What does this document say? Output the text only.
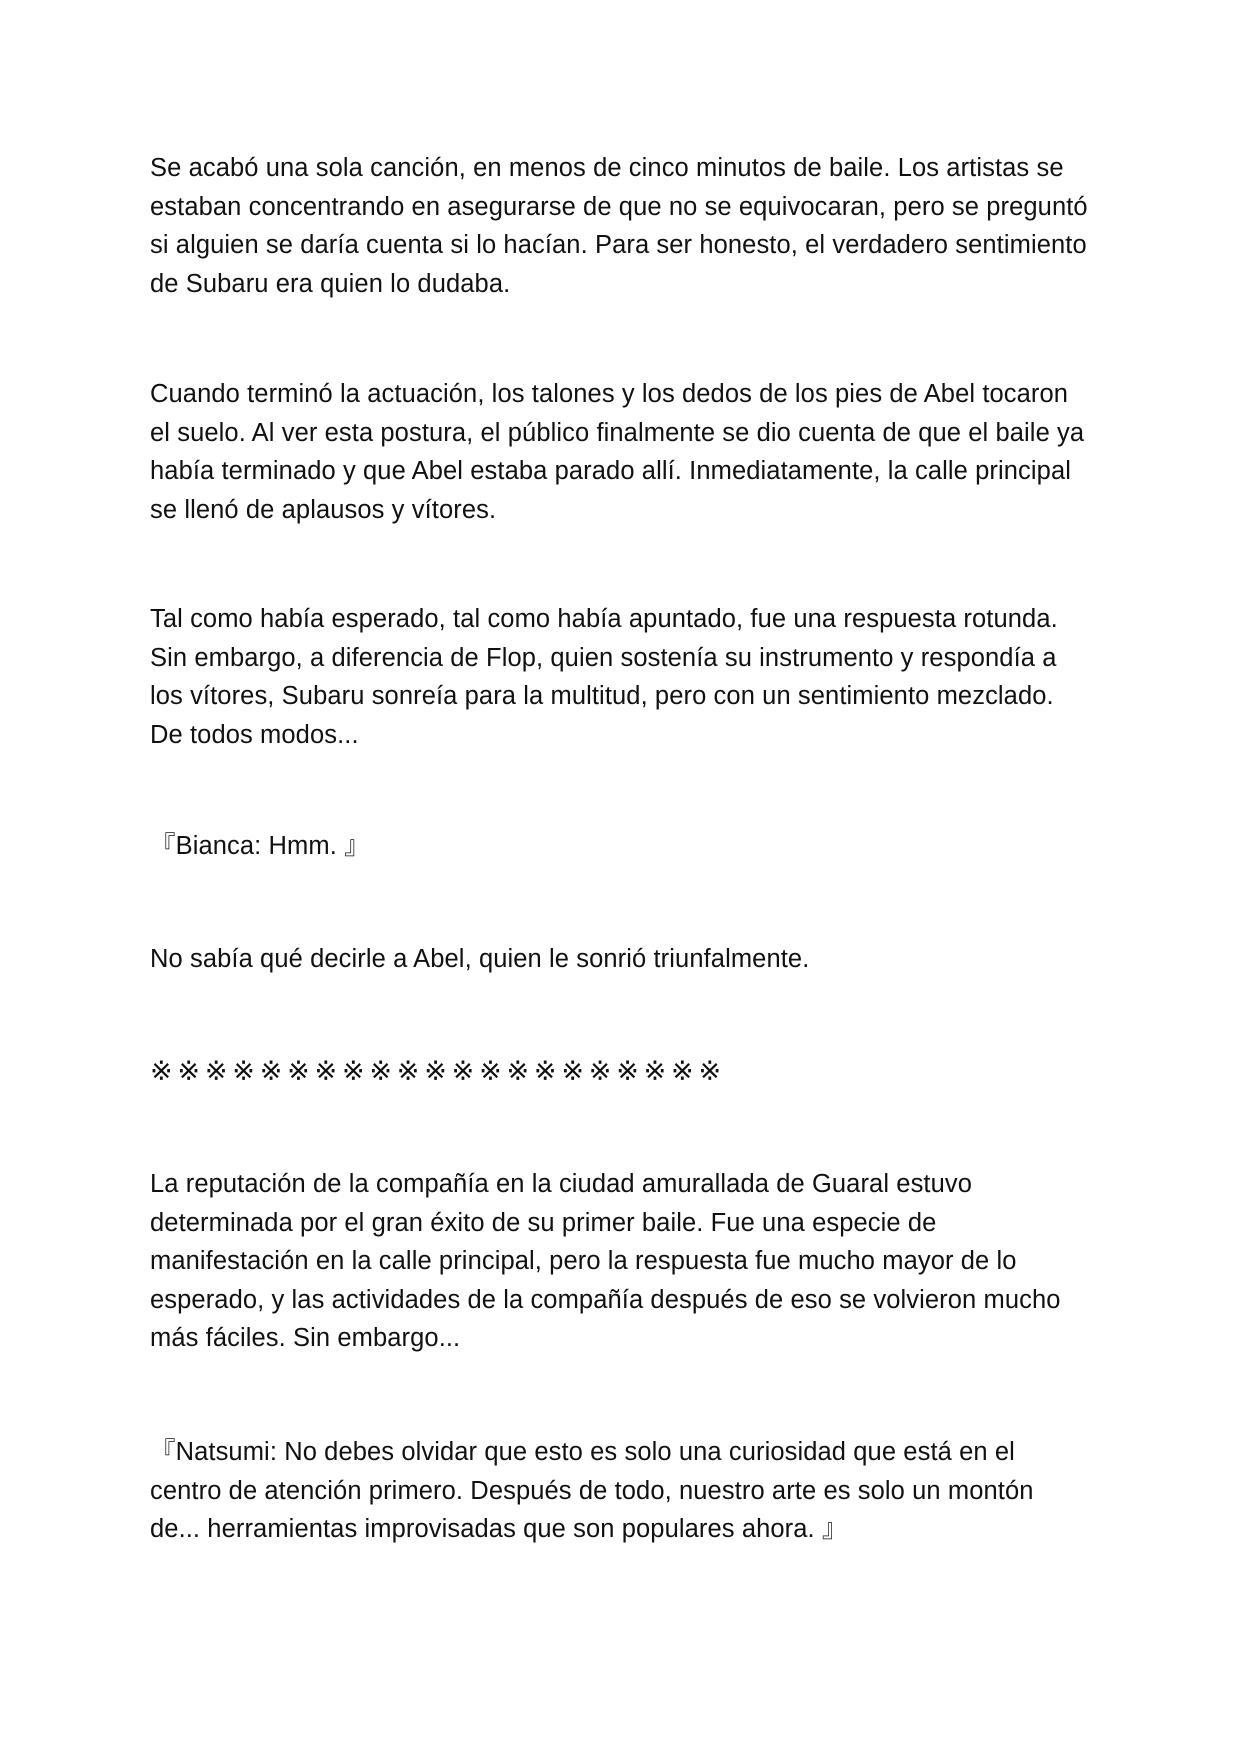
Se acabó una sola canción, en menos de cinco minutos de baile. Los artistas se estaban concentrando en asegurarse de que no se equivocaran, pero se preguntó si alguien se daría cuenta si lo hacían. Para ser honesto, el verdadero sentimiento de Subaru era quien lo dudaba.

Cuando terminó la actuación, los talones y los dedos de los pies de Abel tocaron el suelo. Al ver esta postura, el público finalmente se dio cuenta de que el baile ya había terminado y que Abel estaba parado allí. Inmediatamente, la calle principal se llenó de aplausos y vítores.

Tal como había esperado, tal como había apuntado, fue una respuesta rotunda. Sin embargo, a diferencia de Flop, quien sostenía su instrumento y respondía a los vítores, Subaru sonreía para la multitud, pero con un sentimiento mezclado. De todos modos...

『Bianca: Hmm. 』

No sabía qué decirle a Abel, quien le sonrió triunfalmente.

※※※※※※※※※※※※※※※※※※※※※

La reputación de la compañía en la ciudad amurallada de Guaral estuvo determinada por el gran éxito de su primer baile. Fue una especie de manifestación en la calle principal, pero la respuesta fue mucho mayor de lo esperado, y las actividades de la compañía después de eso se volvieron mucho más fáciles. Sin embargo...

『Natsumi: No debes olvidar que esto es solo una curiosidad que está en el centro de atención primero. Después de todo, nuestro arte es solo un montón de... herramientas improvisadas que son populares ahora. 』
